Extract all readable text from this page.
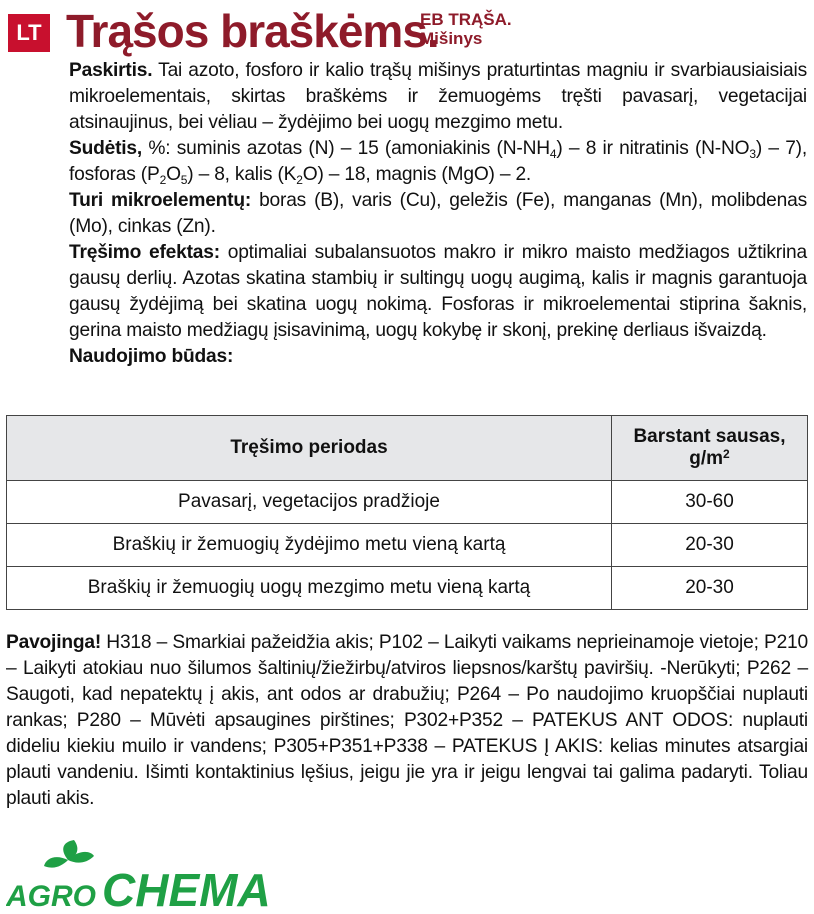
LT Trąšos braškėms.
EB TRĄŠA.
Mišinys

Paskirtis. Tai azoto, fosforo ir kalio trąšų mišinys praturtintas magniu ir svarbiausiaisiais mikroelementais, skirtas braškėms ir žemuogėms tręšti pavasarį, vegetacijai atsinaujinus, bei vėliau – žydėjimo bei uogų mezgimo metu.

Sudėtis, %: suminis azotas (N) – 15 (amoniakinis $(N-NH_4) - 8$ ir nitratinis $(N-NO_3) - 7$), fosforas $(P_2O_5) - 8$, kalis $(K_2O) - 18$, magnis (MgO) – 2.

Turi mikroelementų: boras (B), varis (Cu), geležis (Fe), manganas (Mn), molibdenas (Mo), cinkas (Zn).

Tręšimo efektas: optimaliai subalansuotos makro ir mikro maisto medžiagos užtikrina gausų derlių. Azotas skatina stambių ir sultingų uogų augimą, kalis ir magnis garantuoja gausų žydėjimą bei skatina uogų nokimą. Fosforas ir mikroelementai stiprina šaknis, gerina maisto medžiagų įsisavinimą, uogų kokybę ir skonį, prekinę derliaus išvaizdą.

Naudojimo būdas:

Tręšimo periodas	Barstant sausas,
$g/m^2$

Pavasarį, vegetacijos pradžioje	30-60
Braškių ir žemuogių žydėjimo metu vieną kartą	20-30
Braškių ir žemuogių uogų mezgimo metu vieną kartą	20-30
Pavojinga! H318 – Smarkiai pažeidžia akis; P102 – Laikyti vaikams neprieinamoje vietoje; P210 – Laikyti atokiau nuo šilumos šaltinių/žiežirbų/atviros liepsnos/karštų paviršių. -Nerūkyti; P262 – Saugoti, kad nepatektų į akis, ant odos ar drabužių; P264 – Po naudojimo kruopščiai nuplauti rankas; P280 – Mūvėti apsaugines pirštines; P302+P352 – PATEKUS ANT ODOS: nuplauti dideliu kiekiu muilo ir vandens; P305+P351+P338 – PATEKUS Į AKIS: kelias minutes atsargiai plauti vandeniu. Išimti kontaktinius lęšius, jeigu jie yra ir jeigu lengvai tai galima padaryti. Toliau plauti akis.
AGRO CHEMA
